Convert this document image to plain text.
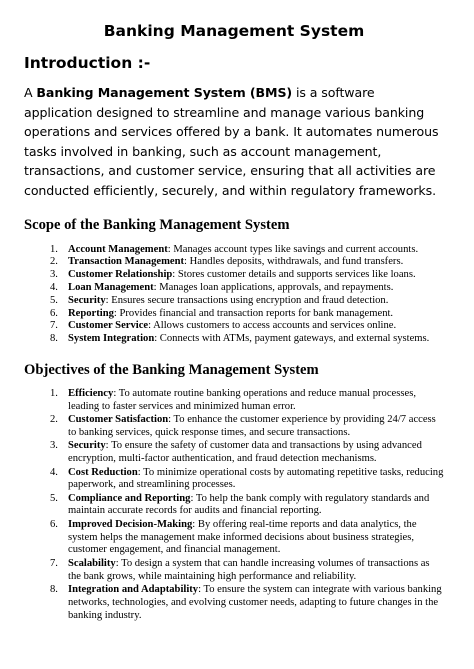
Banking Management System
Introduction :-

A Banking Management System (BMS) is a software application designed to streamline and manage various banking operations and services offered by a bank. It automates numerous tasks involved in banking, such as account management, transactions, and customer service, ensuring that all activities are conducted efficiently, securely, and within regulatory frameworks.

Scope of the Banking Management System
1. Account Management: Manages account types like savings and current accounts.
2. Transaction Management: Handles deposits, withdrawals, and fund transfers.
3. Customer Relationship: Stores customer details and supports services like loans.
4. Loan Management: Manages loan applications, approvals, and repayments.
5. Security: Ensures secure transactions using encryption and fraud detection.
6. Reporting: Provides financial and transaction reports for bank management.
7. Customer Service: Allows customers to access accounts and services online.
8. System Integration: Connects with ATMs, payment gateways, and external systems.
Objectives of the Banking Management System
1. Efficiency: To automate routine banking operations and reduce manual processes, leading to faster services and minimized human error.
2. Customer Satisfaction: To enhance the customer experience by providing 24/7 access to banking services, quick response times, and secure transactions.
3. Security: To ensure the safety of customer data and transactions by using advanced encryption, multi-factor authentication, and fraud detection mechanisms.
4. Cost Reduction: To minimize operational costs by automating repetitive tasks, reducing paperwork, and streamlining processes.
5. Compliance and Reporting: To help the bank comply with regulatory standards and maintain accurate records for audits and financial reporting.
6. Improved Decision-Making: By offering real-time reports and data analytics, the system helps the management make informed decisions about business strategies, customer engagement, and financial management.
7. Scalability: To design a system that can handle increasing volumes of transactions as the bank grows, while maintaining high performance and reliability.
8. Integration and Adaptability: To ensure the system can integrate with various banking networks, technologies, and evolving customer needs, adapting to future changes in the banking industry.
